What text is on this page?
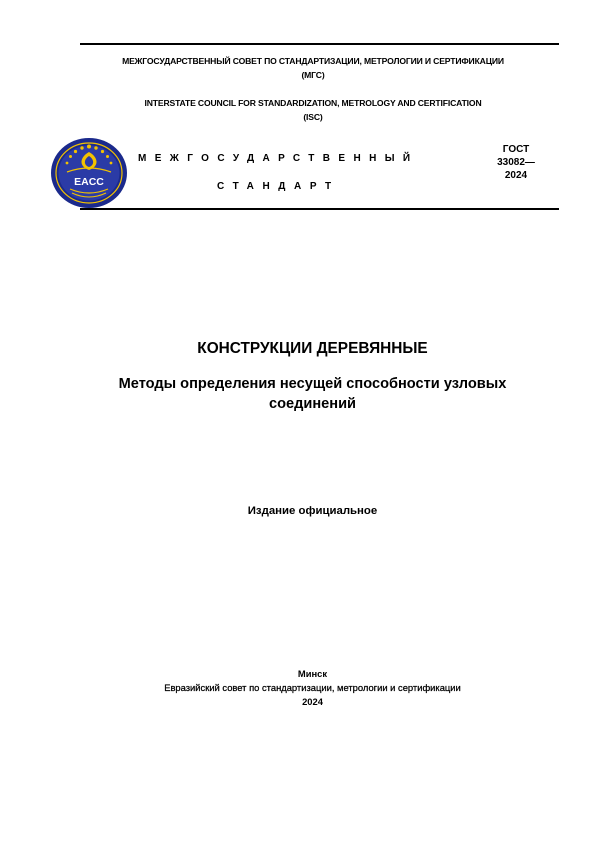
МЕЖГОСУДАРСТВЕННЫЙ СОВЕТ ПО СТАНДАРТИЗАЦИИ, МЕТРОЛОГИИ И СЕРТИФИКАЦИИ
(МГС)
INTERSTATE COUNCIL FOR STANDARDIZATION, METROLOGY AND CERTIFICATION
(ISC)
EACC
МЕЖГОСУДАРСТВЕННЫЙ
СТАНДАРТ
ГОСТ
33082—
2024
КОНСТРУКЦИИ ДЕРЕВЯННЫЕ
Методы определения несущей способности узловых
соединений
Издание официальное
Минск
Евразийский совет по стандартизации, метрологии и сертификации
2024
